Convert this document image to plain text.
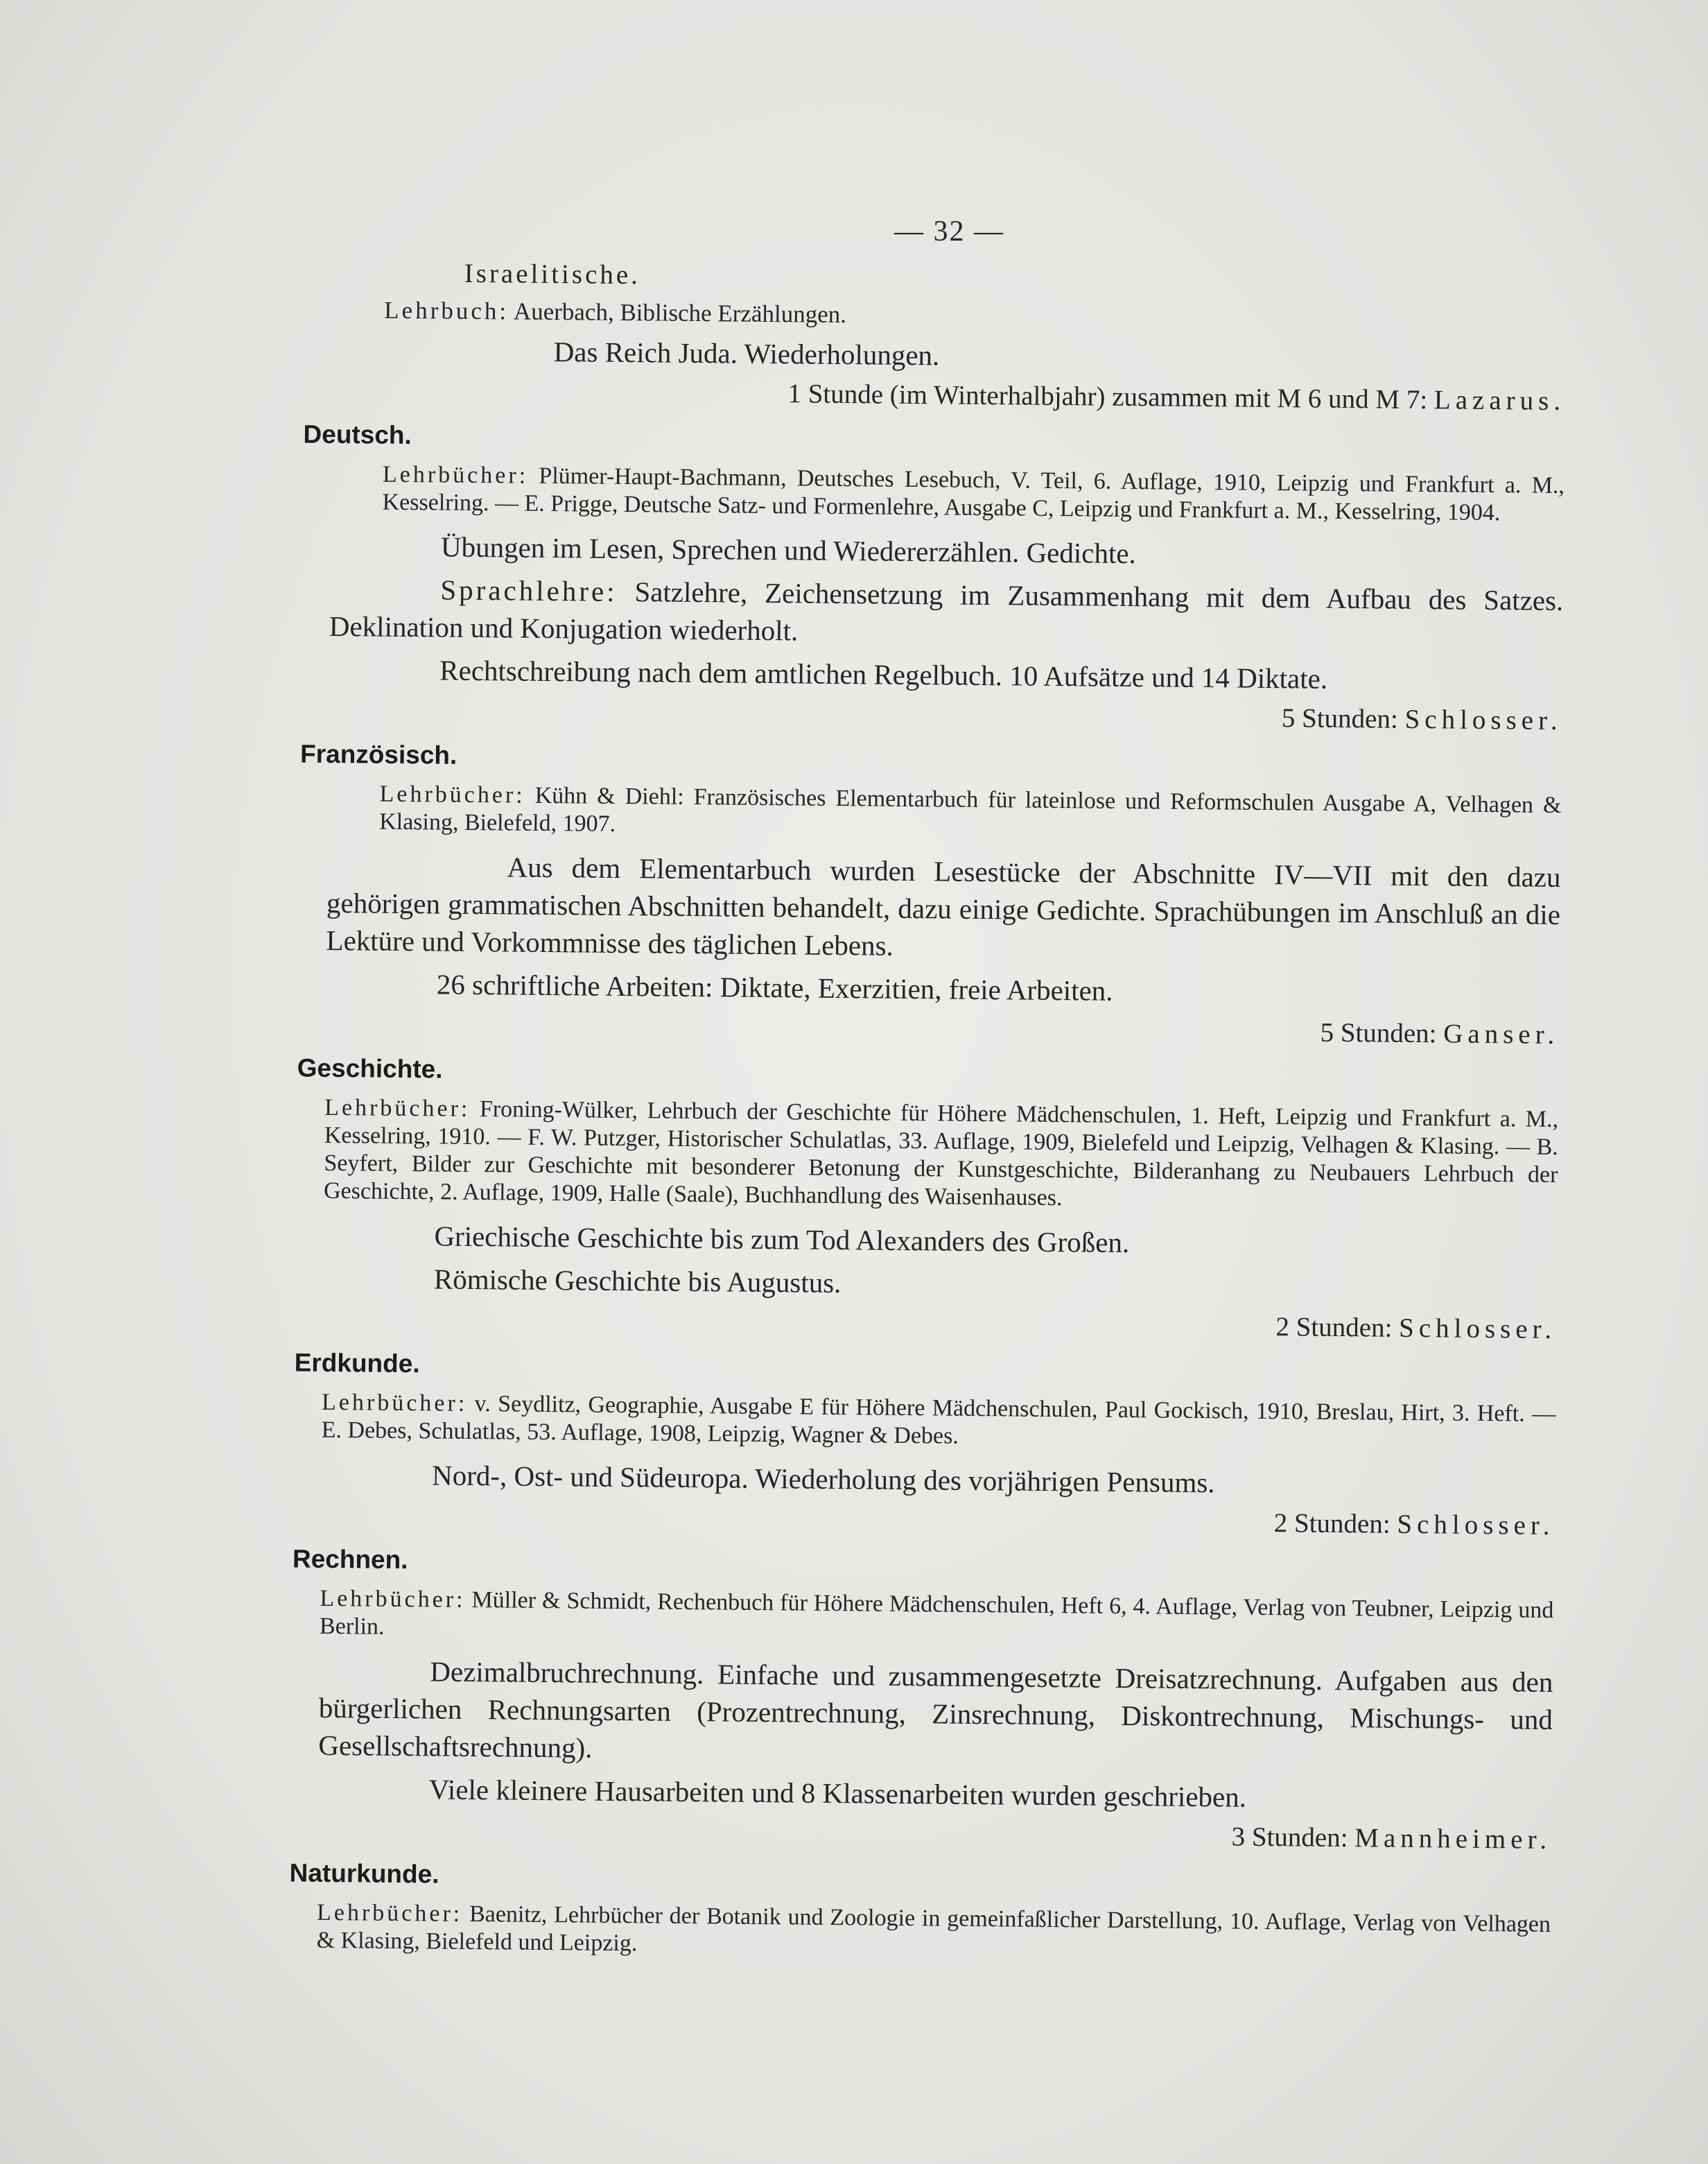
— 32 —
Israelitische.
Lehrbuch: Auerbach, Biblische Erzählungen.

Das Reich Juda. Wiederholungen.

1 Stunde (im Winterhalbjahr) zusammen mit M 6 und M 7: Lazarus.

Deutsch.
Lehrbücher: Plümer-Haupt-Bachmann, Deutsches Lesebuch, V. Teil, 6. Auflage, 1910, Leipzig und Frankfurt a. M., Kesselring. — E. Prigge, Deutsche Satz- und Formenlehre, Ausgabe C, Leipzig und Frankfurt a. M., Kesselring, 1904.

Übungen im Lesen, Sprechen und Wiedererzählen. Gedichte.

Sprachlehre: Satzlehre, Zeichensetzung im Zusammenhang mit dem Aufbau des Satzes. Deklination und Konjugation wiederholt.

Rechtschreibung nach dem amtlichen Regelbuch. 10 Aufsätze und 14 Diktate.

5 Stunden: Schlosser.

Französisch.
Lehrbücher: Kühn & Diehl: Französisches Elementarbuch für lateinlose und Reformschulen Ausgabe A, Velhagen & Klasing, Bielefeld, 1907.

Aus dem Elementarbuch wurden Lesestücke der Abschnitte IV—VII mit den dazu gehörigen grammatischen Abschnitten behandelt, dazu einige Gedichte. Sprachübungen im Anschluß an die Lektüre und Vorkommnisse des täglichen Lebens.

26 schriftliche Arbeiten: Diktate, Exerzitien, freie Arbeiten.

5 Stunden: Ganser.

Geschichte.
Lehrbücher: Froning-Wülker, Lehrbuch der Geschichte für Höhere Mädchenschulen, 1. Heft, Leipzig und Frankfurt a. M., Kesselring, 1910. — F. W. Putzger, Historischer Schulatlas, 33. Auflage, 1909, Bielefeld und Leipzig, Velhagen & Klasing. — B. Seyfert, Bilder zur Geschichte mit besonderer Betonung der Kunstgeschichte, Bilderanhang zu Neubauers Lehrbuch der Geschichte, 2. Auflage, 1909, Halle (Saale), Buchhandlung des Waisenhauses.

Griechische Geschichte bis zum Tod Alexanders des Großen.

Römische Geschichte bis Augustus.

2 Stunden: Schlosser.

Erdkunde.
Lehrbücher: v. Seydlitz, Geographie, Ausgabe E für Höhere Mädchenschulen, Paul Gockisch, 1910, Breslau, Hirt, 3. Heft. — E. Debes, Schulatlas, 53. Auflage, 1908, Leipzig, Wagner & Debes.

Nord-, Ost- und Südeuropa. Wiederholung des vorjährigen Pensums.

2 Stunden: Schlosser.

Rechnen.
Lehrbücher: Müller & Schmidt, Rechenbuch für Höhere Mädchenschulen, Heft 6, 4. Auflage, Verlag von Teubner, Leipzig und Berlin.

Dezimalbruchrechnung. Einfache und zusammengesetzte Dreisatzrechnung. Aufgaben aus den bürgerlichen Rechnungsarten (Prozentrechnung, Zinsrechnung, Diskontrechnung, Mischungs- und Gesellschaftsrechnung).

Viele kleinere Hausarbeiten und 8 Klassenarbeiten wurden geschrieben.

3 Stunden: Mannheimer.

Naturkunde.
Lehrbücher: Baenitz, Lehrbücher der Botanik und Zoologie in gemeinfaßlicher Darstellung, 10. Auflage, Verlag von Velhagen & Klasing, Bielefeld und Leipzig.
